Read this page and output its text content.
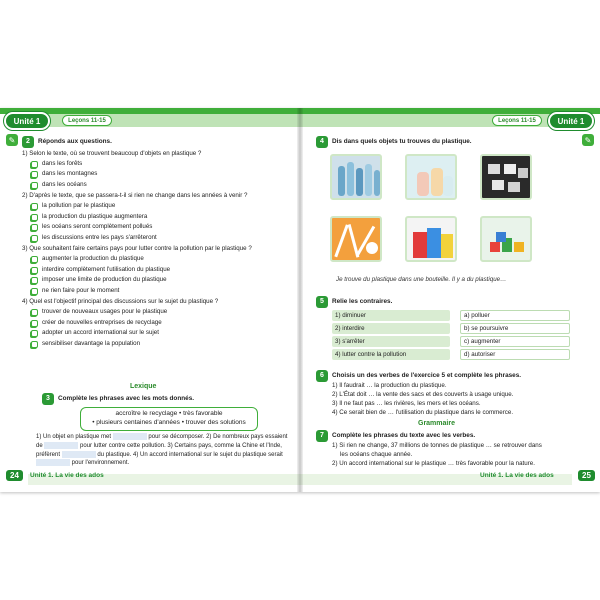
Unité 1	Leçons 11-15
✎	2	Réponds aux questions.
1) Selon le texte, où se trouvent beaucoup d'objets en plastique ?
dans les forêts
dans les montagnes
dans les océans
2) D'après le texte, que se passera-t-il si rien ne change dans les années à venir ?
la pollution par le plastique
la production du plastique augmentera
les océans seront complètement pollués
les discussions entre les pays s'arrêteront
3) Que souhaitent faire certains pays pour lutter contre la pollution par le plastique ?
augmenter la production du plastique
interdire complètement l'utilisation du plastique
imposer une limite de production du plastique
ne rien faire pour le moment
4) Quel est l'objectif principal des discussions sur le sujet du plastique ?
trouver de nouveaux usages pour le plastique
créer de nouvelles entreprises de recyclage
adopter un accord international sur le sujet
sensibiliser davantage la population
Lexique
3	Complète les phrases avec les mots donnés.
accroître le recyclage • très favorable
• plusieurs centaines d'années • trouver des solutions
1) Un objet en plastique met	pour se décomposer. 2) De nombreux pays essaient de	pour lutter contre cette pollution. 3) Certains pays, comme la Chine et l'Inde, préfèrent	du plastique. 4) Un accord international sur le sujet du plastique serait  pour l'environnement.
24	Unité 1. La vie des ados
Leçons 11-15	Unité 1
✎
4	Dis dans quels objets tu trouves du plastique.
Je trouve du plastique dans une bouteille. Il y a du plastique…
5	Relie les contraires.
1) diminuer	a) polluer
2) interdire	b) se poursuivre
3) s'arrêter	c) augmenter
4) lutter contre la pollution	d) autoriser
6	Choisis un des verbes de l'exercice 5 et complète les phrases.
1) Il faudrait … la production du plastique.
2) L'État doit … la vente des sacs et des couverts à usage unique.
3) Il ne faut pas … les rivières, les mers et les océans.
4) Ce serait bien de … l'utilisation du plastique dans le commerce.
Grammaire
7	Complète les phrases du texte avec les verbes.
1) Si rien ne change, 37 millions de tonnes de plastique … se retrouver dans
les océans chaque année.
2) Un accord international sur le plastique … très favorable pour la nature.
Unité 1. La vie des ados	25
